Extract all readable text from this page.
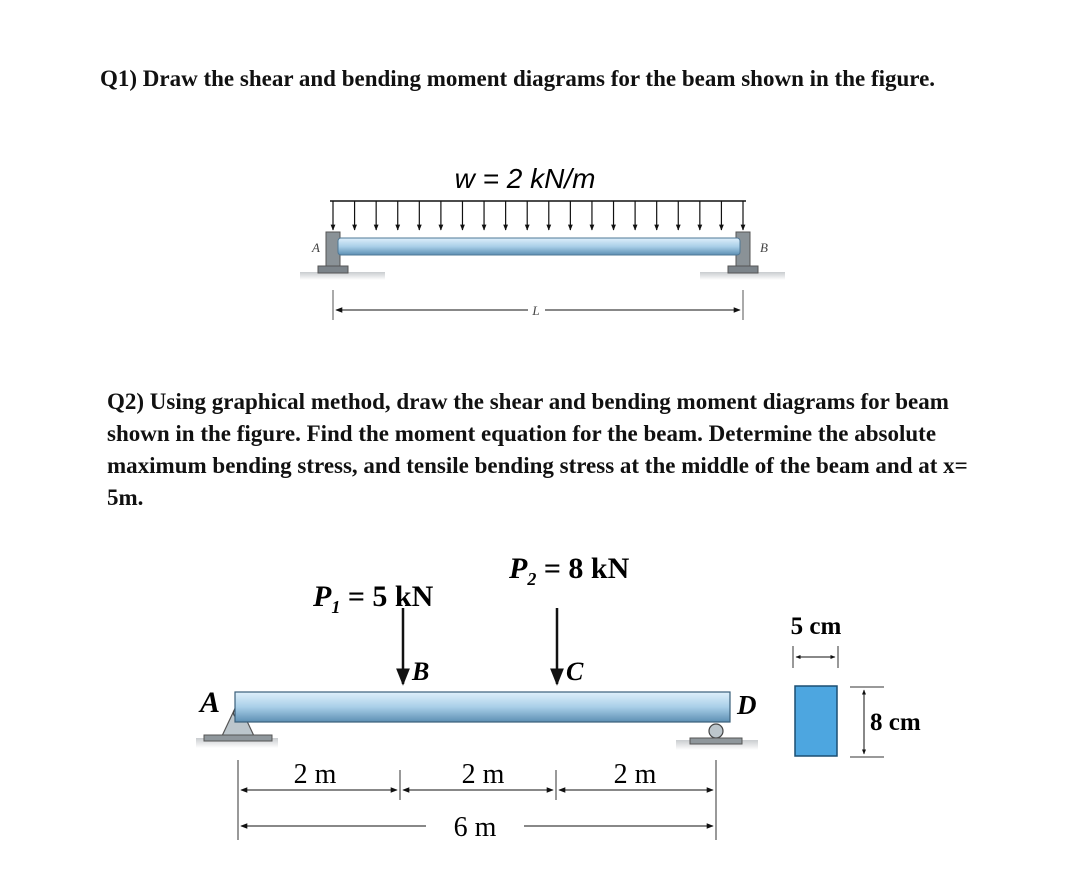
Q1) Draw the shear and bending moment diagrams for the beam shown in the figure.

Q2) Using graphical method, draw the shear and bending moment diagrams for beam shown in the figure. Find the moment equation for the beam. Determine the absolute maximum bending stress, and tensile bending stress at the middle of the beam and at x= 5m.

w = 2 kN/m
A	B
L
$P_1 = 5$ kN
$P_2 = 8$ kN
B	C
A	D
2 m	2 m	2 m
6 m
5 cm
8 cm
